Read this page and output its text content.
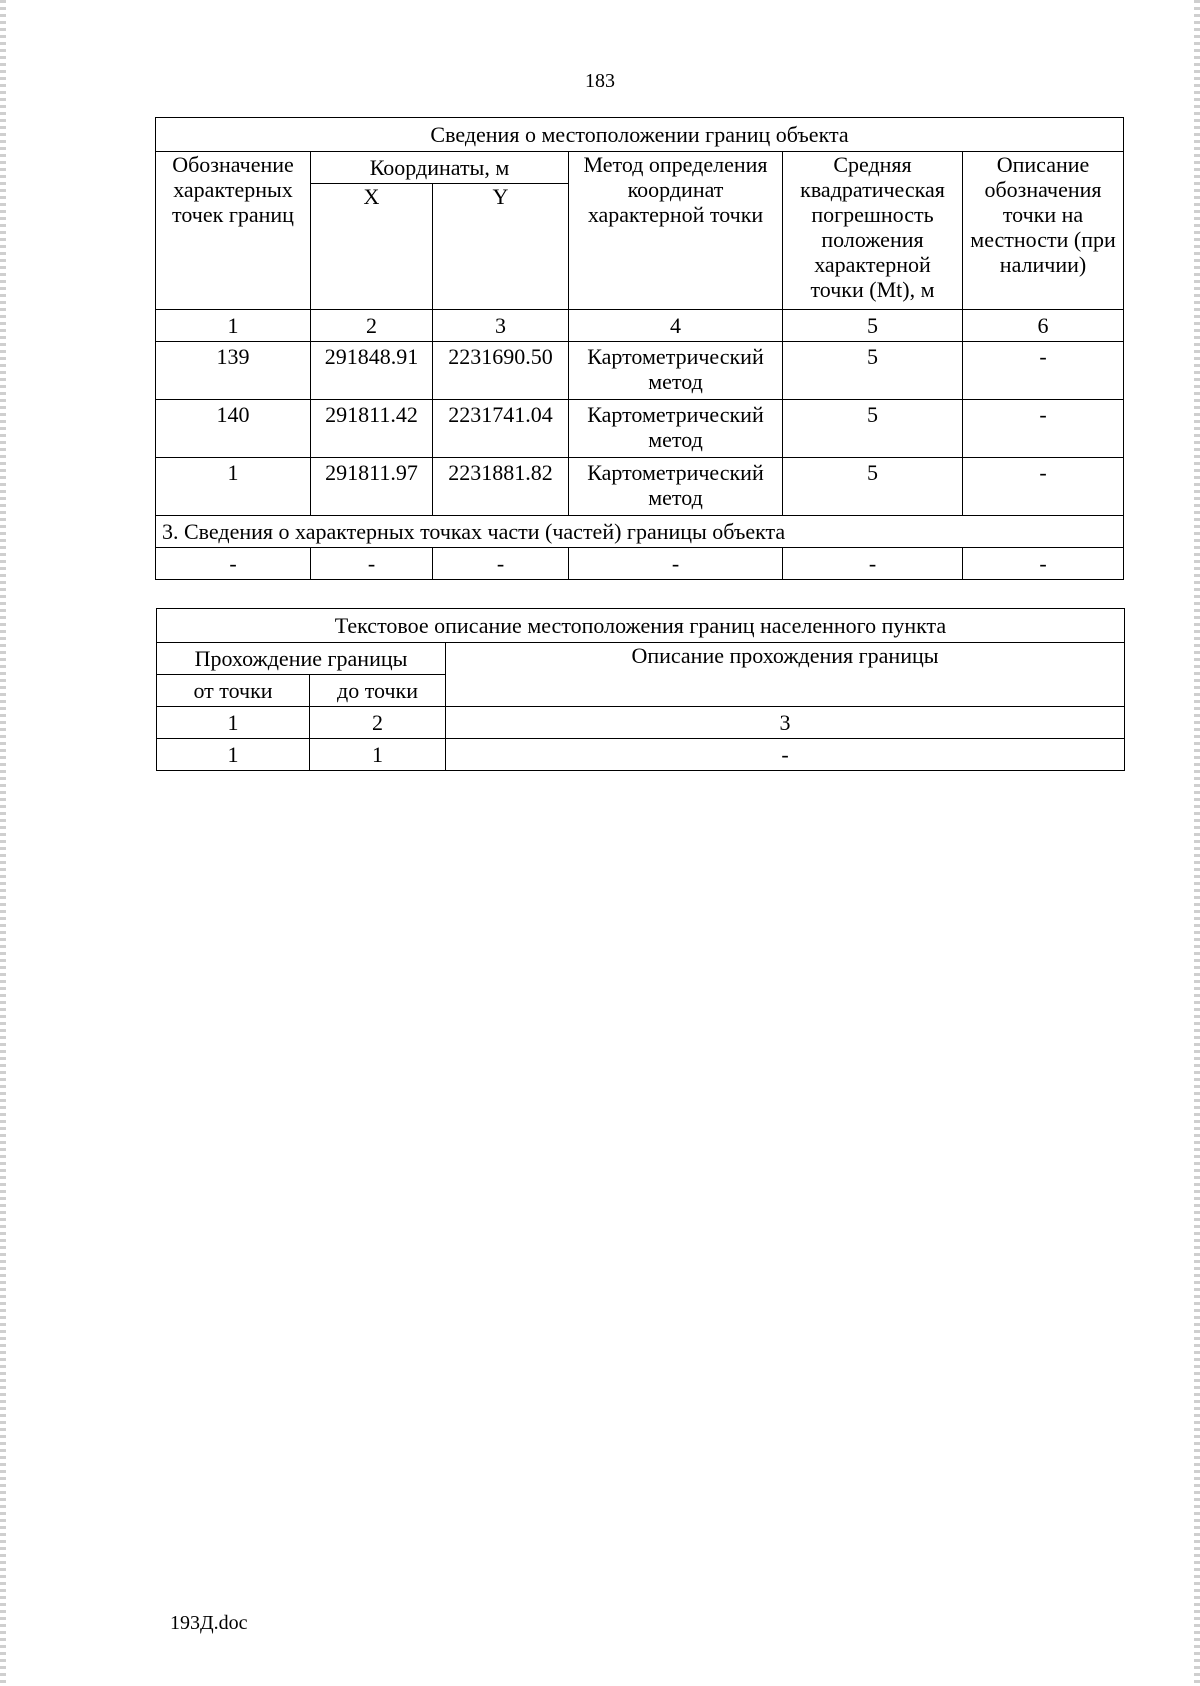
183
Сведения о местоположении границ объекта					
Обозначение характерных точек границ	Координаты, м		Метод определения координат характерной точки	Средняя квадратическая погрешность положения характерной точки (Mt), м	Описание обозначения точки на местности (при наличии)
	X	Y			
1	2	3	4	5	6
139	291848.91	2231690.50	Картометрический метод	5	-
140	291811.42	2231741.04	Картометрический метод	5	-
1	291811.97	2231881.82	Картометрический метод	5	-
3. Сведения о характерных точках части (частей) границы объекта					
-	-	-	-	-	-
Текстовое описание местоположения границ населенного пункта		
Прохождение границы		Описание прохождения границы
от точки	до точки	
1	2	3
1	1	-
193Д.doc
